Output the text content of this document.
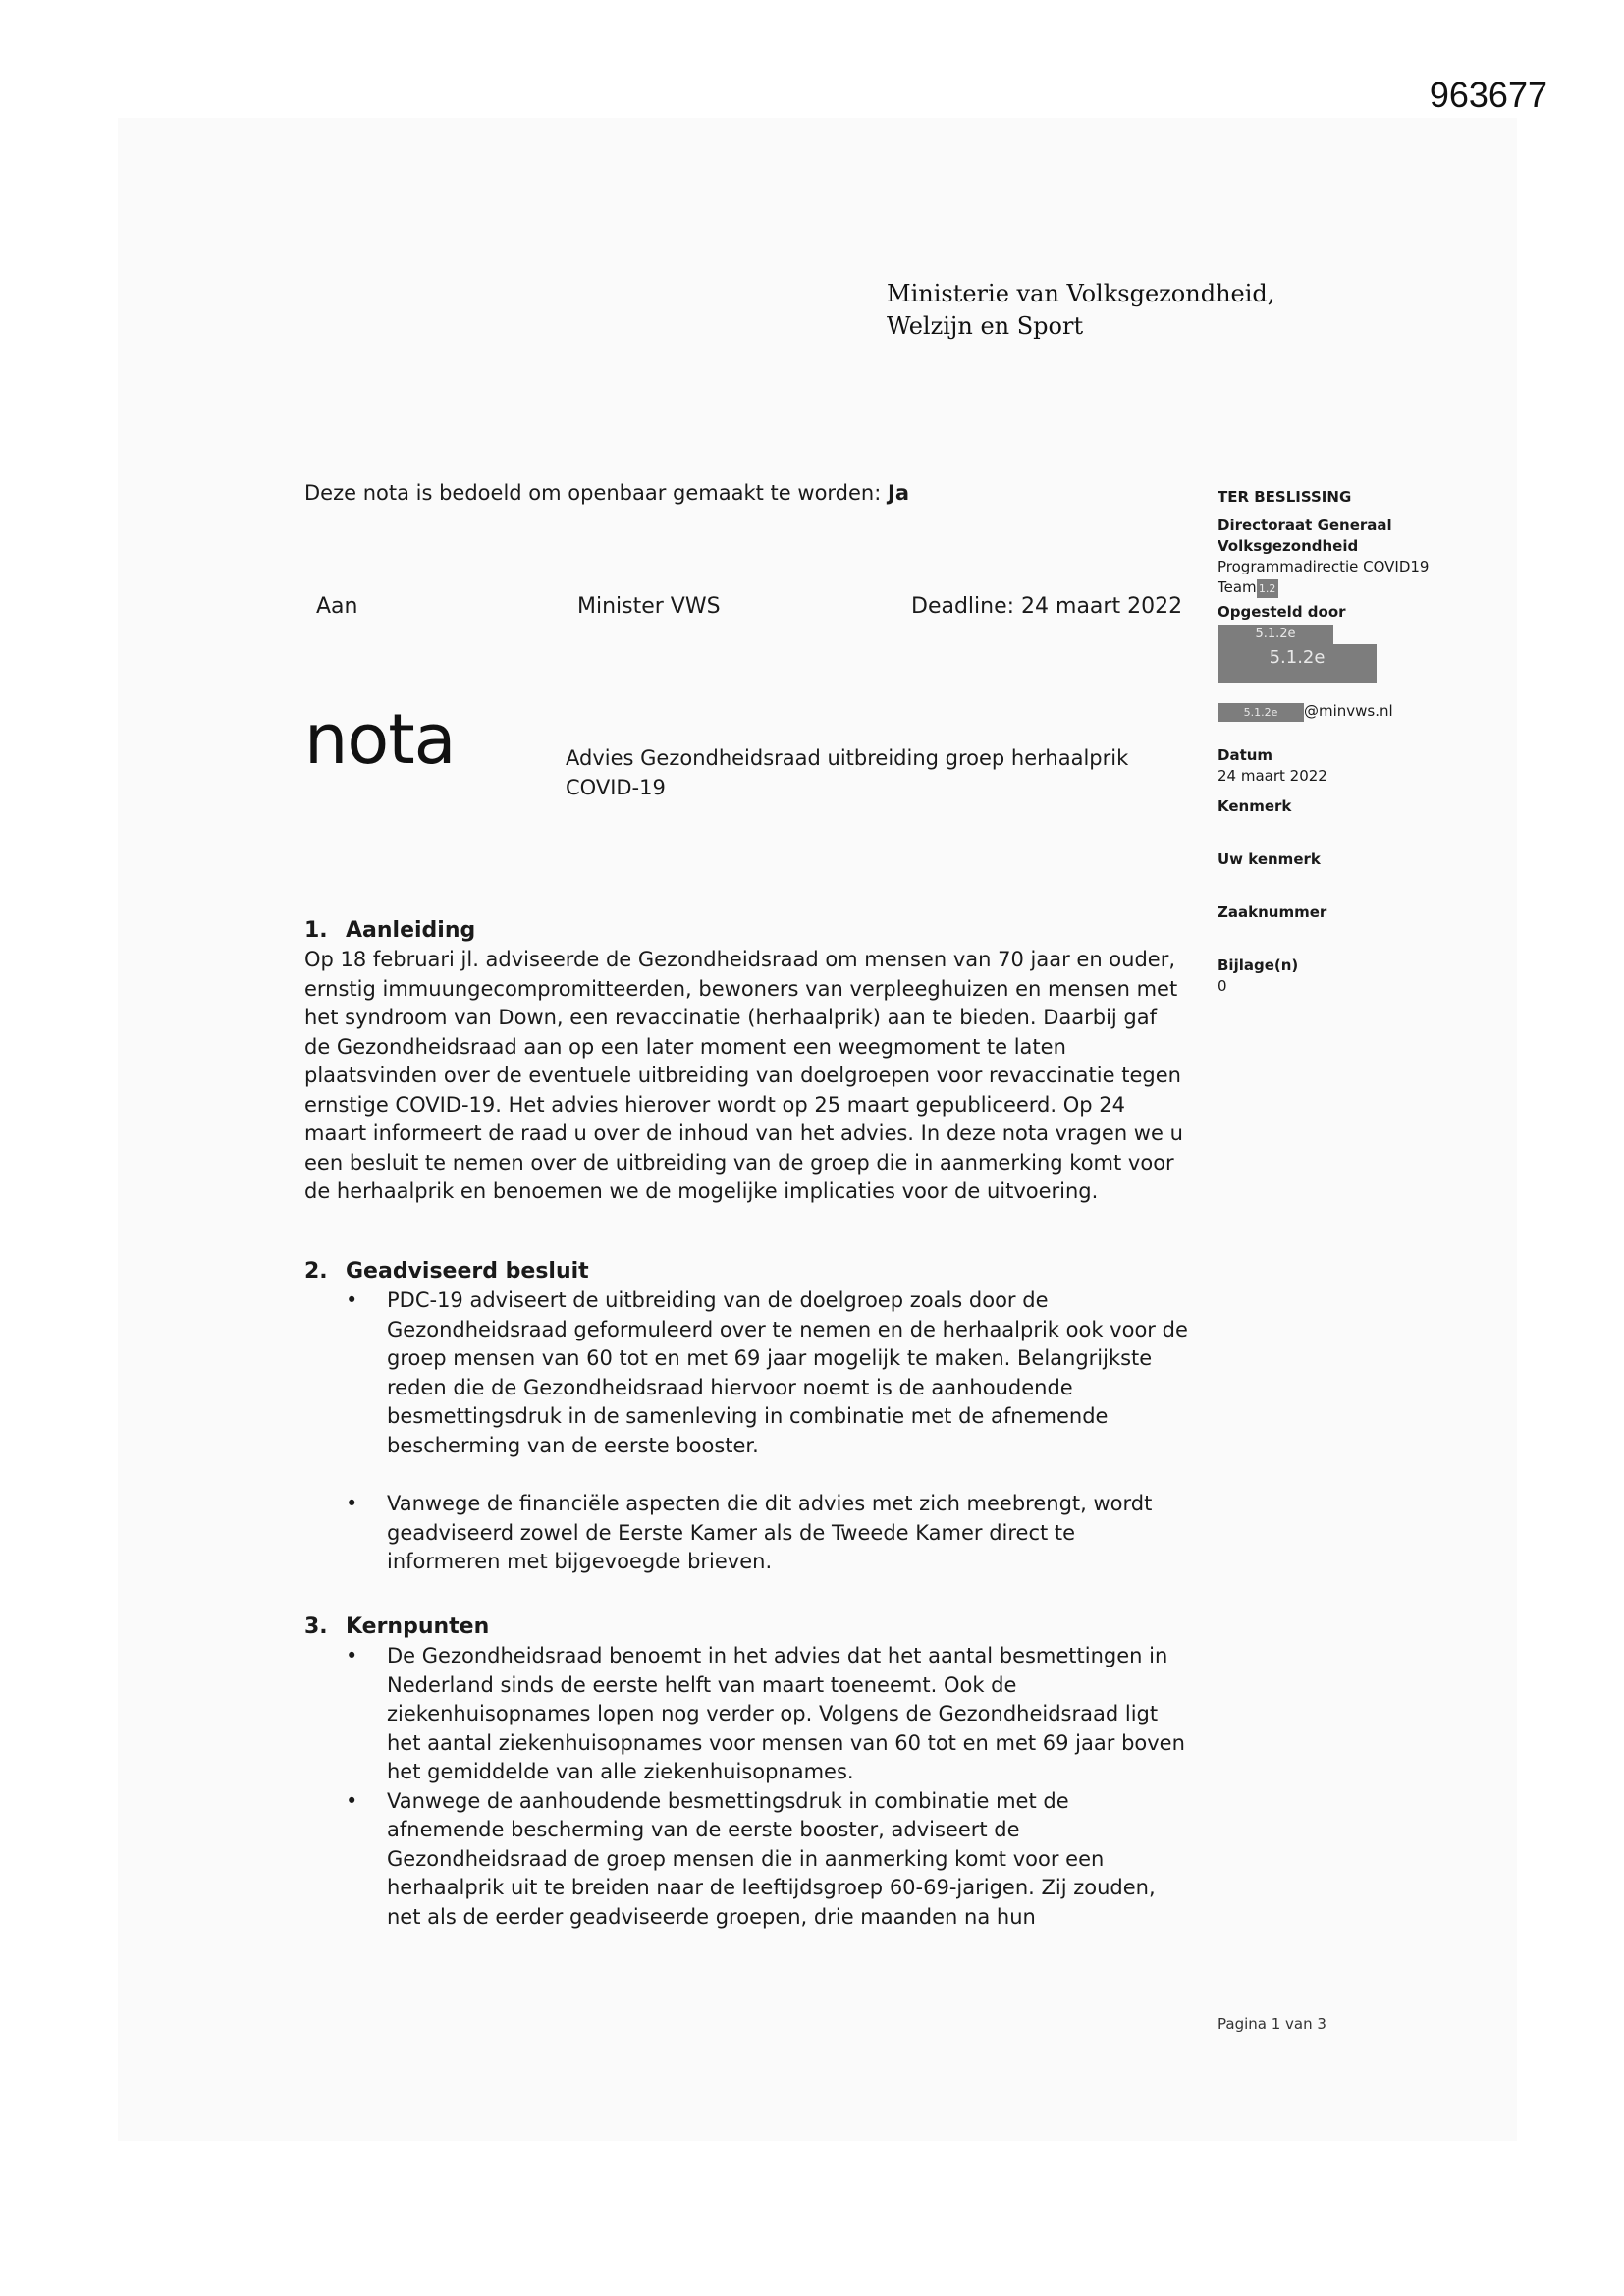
963677
Ministerie van Volksgezondheid,
Welzijn en Sport
Deze nota is bedoeld om openbaar gemaakt te worden: Ja
Aan	Minister VWS	Deadline: 24 maart 2022
nota	Advies Gezondheidsraad uitbreiding groep herhaalprik COVID-19
1. Aanleiding

Op 18 februari jl. adviseerde de Gezondheidsraad om mensen van 70 jaar en ouder, ernstig immuungecompromitteerden, bewoners van verpleeghuizen en mensen met het syndroom van Down, een revaccinatie (herhaalprik) aan te bieden. Daarbij gaf de Gezondheidsraad aan op een later moment een weegmoment te laten plaatsvinden over de eventuele uitbreiding van doelgroepen voor revaccinatie tegen ernstige COVID-19. Het advies hierover wordt op 25 maart gepubliceerd. Op 24 maart informeert de raad u over de inhoud van het advies. In deze nota vragen we u een besluit te nemen over de uitbreiding van de groep die in aanmerking komt voor de herhaalprik en benoemen we de mogelijke implicaties voor de uitvoering.

2. Geadviseerd besluit
• PDC-19 adviseert de uitbreiding van de doelgroep zoals door de Gezondheidsraad geformuleerd over te nemen en de herhaalprik ook voor de groep mensen van 60 tot en met 69 jaar mogelijk te maken. Belangrijkste reden die de Gezondheidsraad hiervoor noemt is de aanhoudende besmettingsdruk in de samenleving in combinatie met de afnemende bescherming van de eerste booster.
• Vanwege de financiële aspecten die dit advies met zich meebrengt, wordt geadviseerd zowel de Eerste Kamer als de Tweede Kamer direct te informeren met bijgevoegde brieven.
3. Kernpunten
• De Gezondheidsraad benoemt in het advies dat het aantal besmettingen in Nederland sinds de eerste helft van maart toeneemt. Ook de ziekenhuisopnames lopen nog verder op. Volgens de Gezondheidsraad ligt het aantal ziekenhuisopnames voor mensen van 60 tot en met 69 jaar boven het gemiddelde van alle ziekenhuisopnames.
• Vanwege de aanhoudende besmettingsdruk in combinatie met de afnemende bescherming van de eerste booster, adviseert de Gezondheidsraad de groep mensen die in aanmerking komt voor een herhaalprik uit te breiden naar de leeftijdsgroep 60-69-jarigen. Zij zouden, net als de eerder geadviseerde groepen, drie maanden na hun
TER BESLISSING
Directoraat Generaal
Volksgezondheid
Programmadirectie COVID19
Team 1.2
Opgesteld door
5.1.2e 5.1.2e
5.1.2e @minvws.nl
Datum
24 maart 2022
Kenmerk
Uw kenmerk
Zaaknummer
Bijlage(n)
0
Pagina 1 van 3
